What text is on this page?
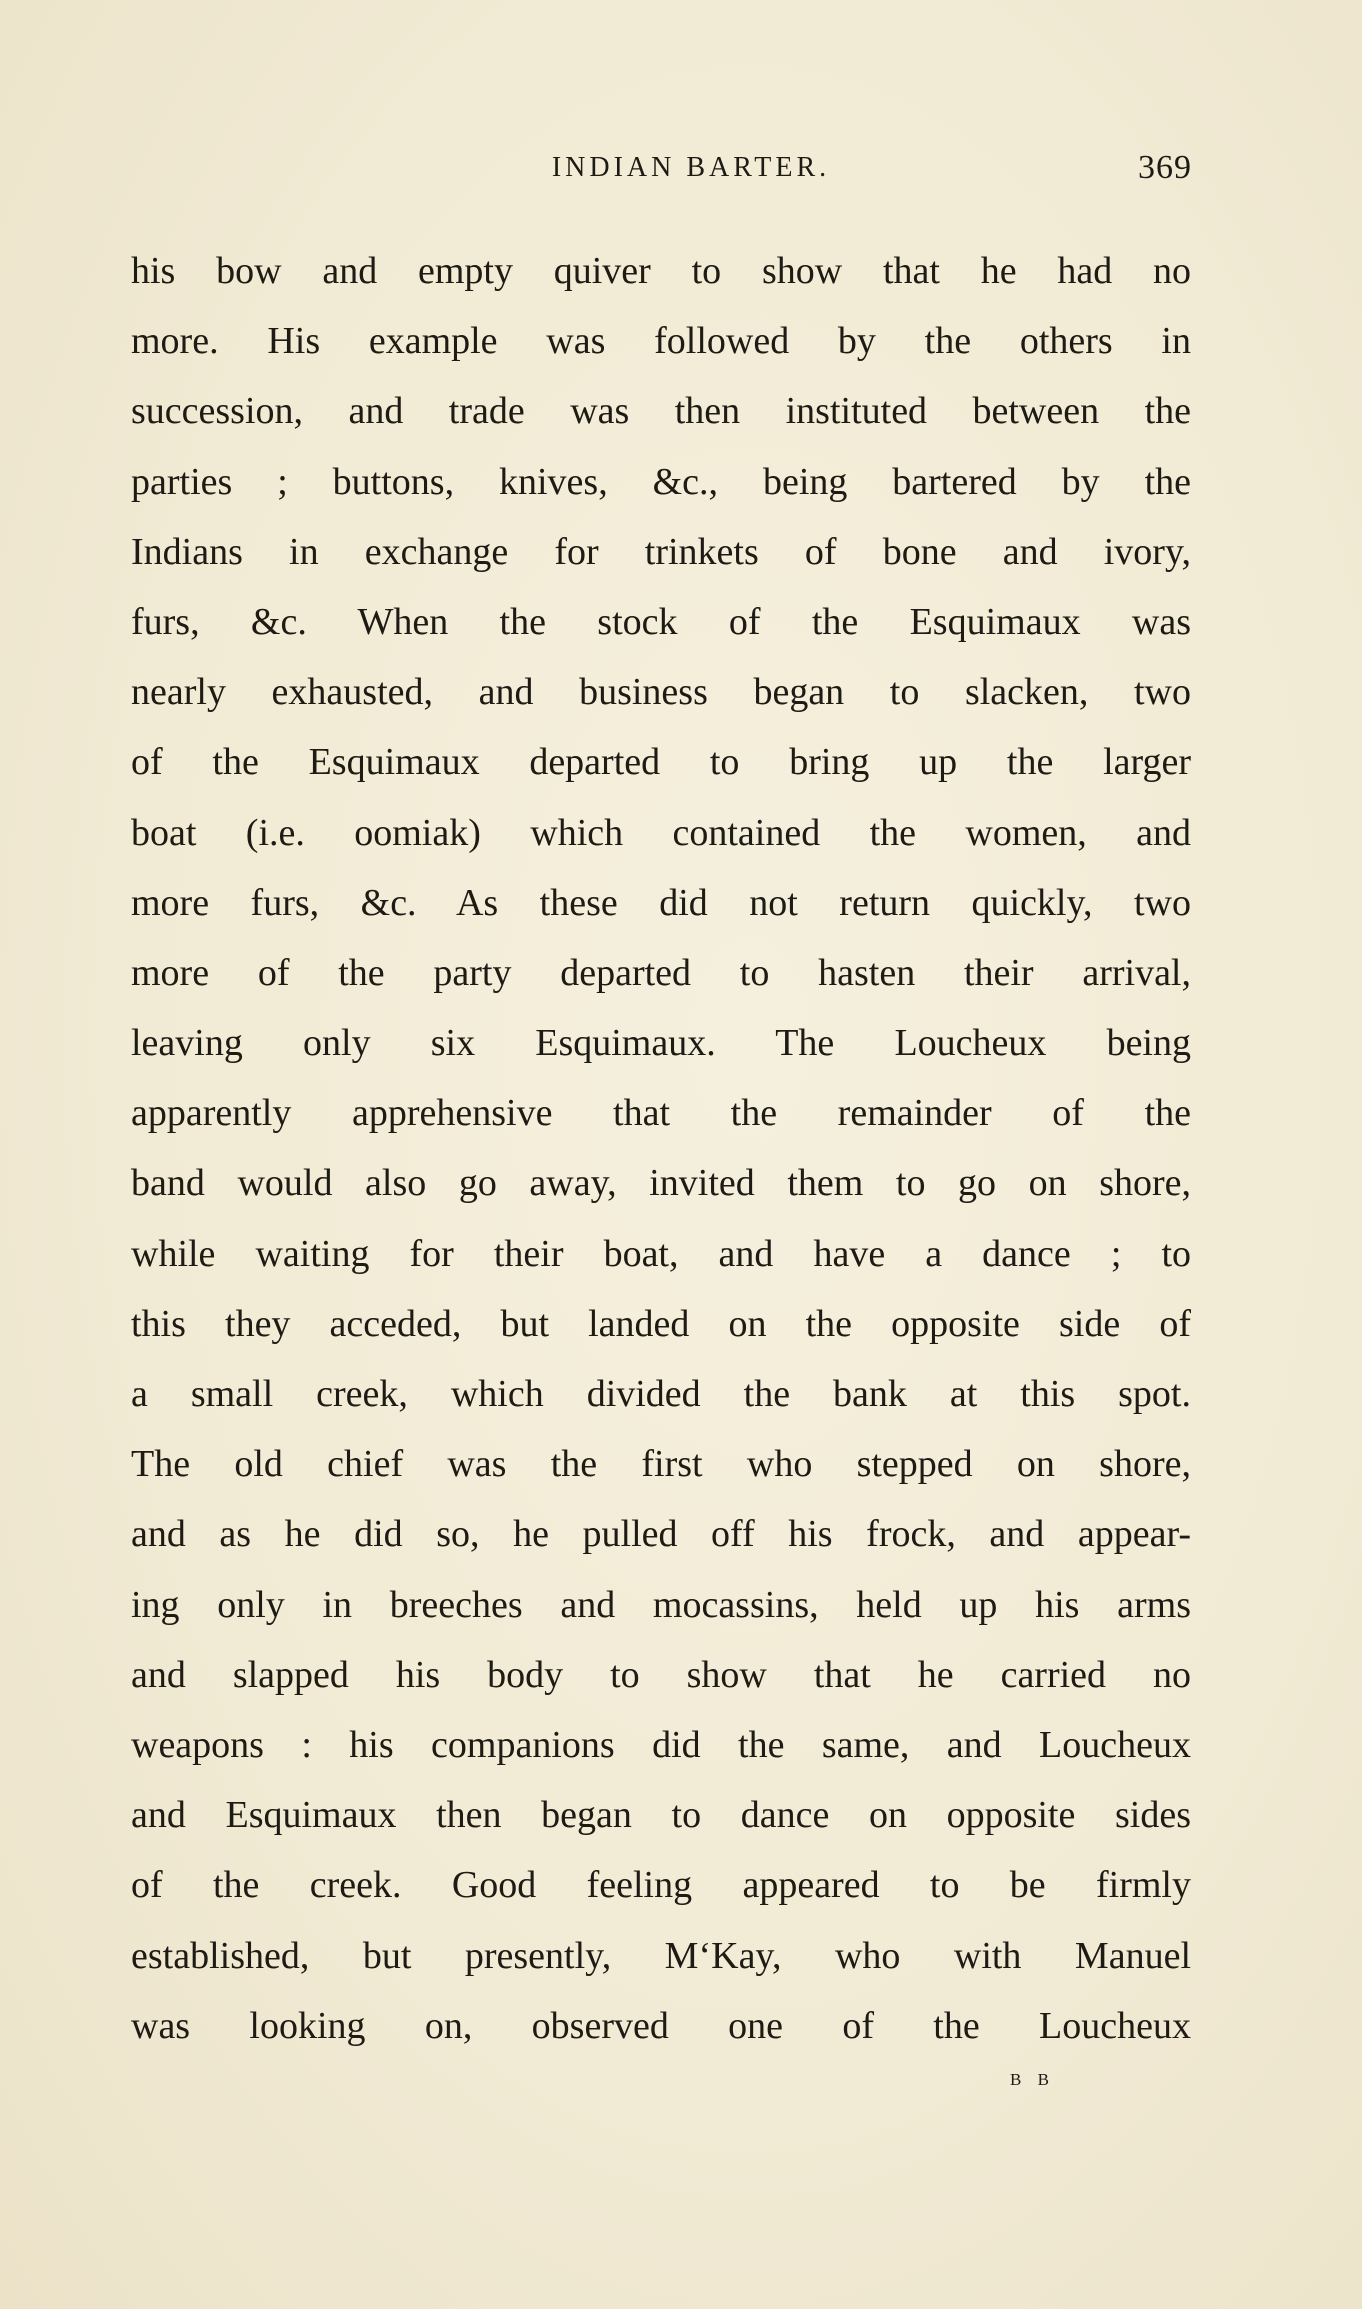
INDIAN BARTER.	369
his bow and empty quiver to show that he had no
more. His example was followed by the others in
succession, and trade was then instituted between the
parties ; buttons, knives, &c., being bartered by the
Indians in exchange for trinkets of bone and ivory,
furs, &c. When the stock of the Esquimaux was
nearly exhausted, and business began to slacken, two
of the Esquimaux departed to bring up the larger
boat (i.e. oomiak) which contained the women, and
more furs, &c. As these did not return quickly, two
more of the party departed to hasten their arrival,
leaving only six Esquimaux. The Loucheux being
apparently apprehensive that the remainder of the
band would also go away, invited them to go on shore,
while waiting for their boat, and have a dance ; to
this they acceded, but landed on the opposite side of
a small creek, which divided the bank at this spot.
The old chief was the first who stepped on shore,
and as he did so, he pulled off his frock, and appear-
ing only in breeches and mocassins, held up his arms
and slapped his body to show that he carried no
weapons : his companions did the same, and Loucheux
and Esquimaux then began to dance on opposite sides
of the creek. Good feeling appeared to be firmly
established, but presently, M‘Kay, who with Manuel
was looking on, observed one of the Loucheux
B B
